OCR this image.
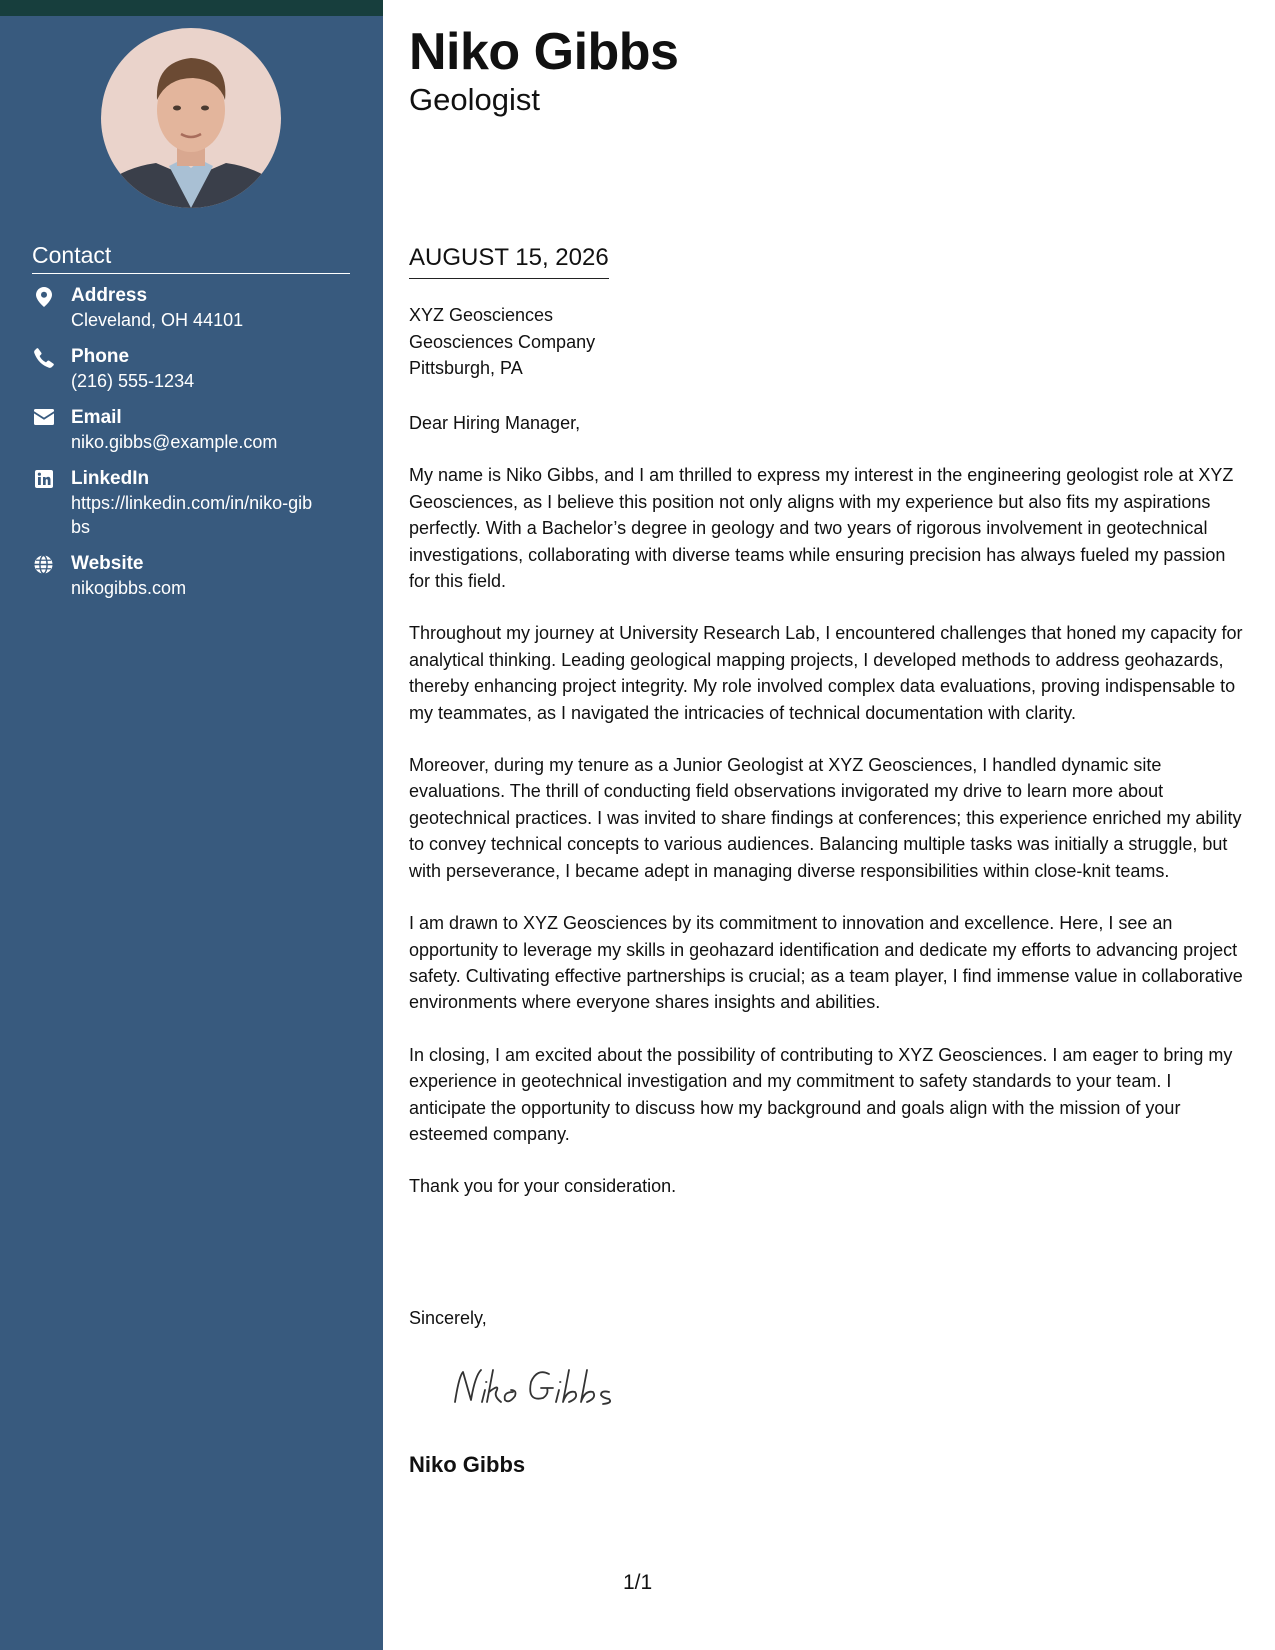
Contact
Address
Cleveland, OH 44101
Phone
(216) 555-1234
Email
niko.gibbs@example.com
LinkedIn
https://linkedin.com/in/niko-gibbs
Website
nikogibbs.com
Niko Gibbs
Geologist
AUGUST 15, 2026
XYZ Geosciences
Geosciences Company
Pittsburgh, PA

Dear Hiring Manager,

My name is Niko Gibbs, and I am thrilled to express my interest in the engineering geologist role at XYZ Geosciences, as I believe this position not only aligns with my experience but also fits my aspirations perfectly. With a Bachelor’s degree in geology and two years of rigorous involvement in geotechnical investigations, collaborating with diverse teams while ensuring precision has always fueled my passion for this field.

Throughout my journey at University Research Lab, I encountered challenges that honed my capacity for analytical thinking. Leading geological mapping projects, I developed methods to address geohazards, thereby enhancing project integrity. My role involved complex data evaluations, proving indispensable to my teammates, as I navigated the intricacies of technical documentation with clarity.

Moreover, during my tenure as a Junior Geologist at XYZ Geosciences, I handled dynamic site evaluations. The thrill of conducting field observations invigorated my drive to learn more about geotechnical practices. I was invited to share findings at conferences; this experience enriched my ability to convey technical concepts to various audiences. Balancing multiple tasks was initially a struggle, but with perseverance, I became adept in managing diverse responsibilities within close-knit teams.

I am drawn to XYZ Geosciences by its commitment to innovation and excellence. Here, I see an opportunity to leverage my skills in geohazard identification and dedicate my efforts to advancing project safety. Cultivating effective partnerships is crucial; as a team player, I find immense value in collaborative environments where everyone shares insights and abilities.

In closing, I am excited about the possibility of contributing to XYZ Geosciences. I am eager to bring my experience in geotechnical investigation and my commitment to safety standards to your team. I anticipate the opportunity to discuss how my background and goals align with the mission of your esteemed company.

Thank you for your consideration.

Sincerely,
Niko Gibbs
1/1
